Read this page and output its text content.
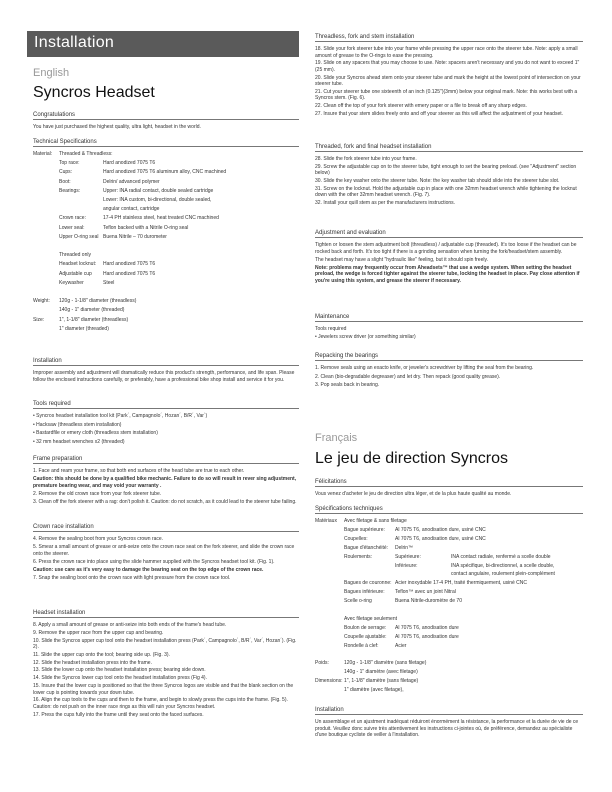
Installation
English
Syncros Headset
Congratulations
You have just purchased the highest quality, ultra light, headset in the world.
Technical Specifications
Material: Threaded & Threadless:
Top race:	Hard anodized 7075 T6
Cups:	Hard anodized 7075 T6 aluminum alloy, CNC machined
Boot:	Delrin/ advanced polymer
Bearings:	Upper: INA radial contact, double sealed cartridge
Lower: INA custom, bi-directional, double sealed,
angular contact, cartridge
Crown race:	17-4 PH stainless steel, heat treated CNC machined
Lower seal:	Teflon backed with a Nitrile O-ring seal
Upper O-ring seal Buena Nitrile – 70 durometer
Threaded only
Headset locknut: Hard anodized 7075 T6
Adjustable cup Hard anodized 7075 T6
Keywasher	Steel
Weight: 120g - 1-1/8" diameter (threadless)
140g - 1" diameter (threaded)
Size:	1", 1-1/8" diameter (threadless)
1" diameter (threaded)
Installation
Improper assembly and adjustment will dramatically reduce this product's strength, performance, and life span. Please follow the enclosed instructions carefully, or preferably, have a professional bike shop install and service it for you.
Tools required
• Syncros headset installation tool kit (Park´, Campagnolo´, Hozan´, B/R´, Var´)
• Hacksaw (threadless stem installation)
• Bastardfile or emery cloth (threadless stem installation)
• 32 mm headset wrenches x2 (threaded)
Frame preparation
1. Face and ream your frame, so that both end surfaces of the head tube are true to each other.
Caution: this should be done by a qualified bike mechanic. Failure to do so will result in rever sing adjustment, premature bearing wear, and may void your warranty .
2. Remove the old crown race from your fork steerer tube.
3. Clean off the fork steerer with a rag: don't polish it. Caution: do not scratch, as it could lead to the steerer tube failing.
Crown race installation
4. Remove the sealing boot from your Syncros crown race.
5. Smear a small amount of grease or anti-seize onto the crown race seat on the fork steerer, and slide the crown race onto the steerer.
6. Press the crown race into place using the slide hammer supplied with the Syncros headset tool kit. (Fig. 1).
Caution: use care as it's very easy to damage the bearing seat on the top edge of the crown race.
7. Snap the sealing boot onto the crown race with light pressure from the crown race tool.
Headset installation
8. Apply a small amount of grease or anti-seize into both ends of the frame's head tube.
9. Remove the upper race from the upper cup and bearing.
10. Slide the Syncros upper cup tool onto the headset installation press (Park´, Campagnolo´, B/R´, Var´, Hozan´). (Fig. 2).
11. Slide the upper cup onto the tool; bearing side up. (Fig. 3).
12. Slide the headset installation press into the frame.
13. Slide the lower cup onto the headset installation press; bearing side down.
14. Slide the Syncros lower cup tool onto the headset installation press (Fig 4).
15. Insure that the lower cup is positioned so that the three Syncros logos are visible and that the blank section on the lower cup is pointing towards your down tube.
16. Align the cup tools to the cups and then to the frame, and begin to slowly press the cups into the frame. (Fig. 5). Caution: do not push on the inner race rings as this will ruin your Syncros headset.
17. Press the cups fully into the frame until they seat onto the faced surfaces.
Threadless, fork and stem installation
18. Slide your fork steerer tube into your frame while pressing the upper race onto the steerer tube. Note: apply a small amount of grease to the O-rings to ease the pressing.
19. Slide on any spacers that you may choose to use. Note: spacers aren't necessary and you do not want to exceed 1" (25 mm).
20. Slide your Syncros ahead stem onto your steerer tube and mark the height at the lowest point of intersection on your steerer tube.
21. Cut your steerer tube one sixteenth of an inch (0.125")(3mm) below your original mark. Note: this works best with a Syncros stem. (Fig. 6).
22. Clean off the top of your fork steerer with emery paper or a file to break off any sharp edges.
27. Insure that your stem slides freely onto and off your steerer as this will affect the adjustment of your headset.
Threaded, fork and final headset installation
28. Slide the fork steerer tube into your frame.
29. Screw the adjustable cup on to the steerer tube, tight enough to set the bearing preload. (see "Adjustment" section below)
30. Slide the key washer onto the steerer tube. Note: the key washer tab should slide into the steerer tube slot.
31. Screw on the locknut. Hold the adjustable cup in place with one 32mm headset wrench while tightening the locknut down with the other 32mm headset wrench. (Fig. 7).
32. Install your quill stem as per the manufacturers instructions.
Adjustment and evaluation
Tighten or loosen the stem adjustment bolt (threadless) / adjustable cup (threaded). It's too loose if the headset can be rocked back and forth. It's too tight if there is a grinding sensation when turning the fork/headset/stem assembly.
The headset may have a slight "hydraulic like" feeling, but it should spin freely.
Note: problems may frequently occur from Aheadsets™ that use a wedge system. When setting the headset preload, the wedge is forced tighter against the steerer tube, locking the headset in place. Pay close attention if you're using this system, and grease the steerer if necessary.
Maintenance
Tools required
• Jewelers screw driver (or something similar)
Repacking the bearings
1. Remove seals using an exacto knife, or jeweler's screwdriver by lifting the seal from the bearing.
2. Clean (bio-degradable degreaser) and let dry. Then repack (good quality grease).
3. Pop seals back in bearing.
Français
Le jeu de direction Syncros
Félicitations
Vous venez d'acheter le jeu de direction ultra léger, et de la plus haute qualité au monde.
Spécifications techniques
Matériaux Avec filetage & sans filetage
Bague supérieure: Al 7075 T6, anodisation dure, usiné CNC
Coupelles:	Al 7075 T6, anodisation dure, usiné CNC
Bague d'étanchéité: Delrin™
Roulements:	Supérieure:	INA contact radiale, renfermé a scelle double
Inférieure:	INA spécifique, bi-directionnel, a scelle double,
contact angulaire, roulement plein-complément
Bagues de couronne: Acier inoxydable 17-4 PH, traité thermiquement, usiné CNC
Bagues inférieure: Teflon™ avec un joint Nitral
Scelle o-ring	Buena Nitrile-duromètre de 70
Avec filetage seulement
Boulon de serrage: Al 7075 T6, anodisation dure
Coupelle ajustable: Al 7075 T6, anodisation dure
Rondelle à clef:	Acier
Poids:	120g - 1-1/8" diamètre (sans filetage)
140g - 1" diamètre (avec filetage)
Dimensions: 1", 1-1/8" diamètre (sans filetage)
1" diamètre (avec filetage),
Installation
Un assemblage et un ajustment inadéquat réduiront énormément la résistance, la performance et la durée de vie de ce produit. Veuillez donc suivre très attentivement les instructions ci-jointes où, de préférence, demandez au spécialiste d'une boutique cycliste de veiller à l'installation.
